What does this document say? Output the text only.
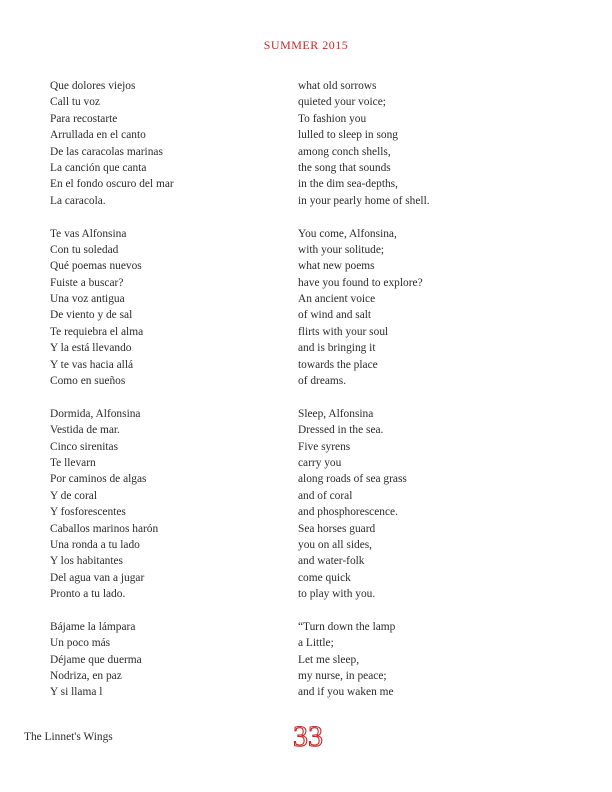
SUMMER 2015
Que dolores viejos
Call tu voz
Para recostarte
Arrullada en el canto
De las caracolas marinas
La canción que canta
En el fondo oscuro del mar
La caracola.
Te vas Alfonsina
Con tu soledad
Qué poemas nuevos
Fuiste a buscar?
Una voz antigua
De viento y de sal
Te requiebra el alma
Y la está llevando
Y te vas hacia allá
Como en sueños
Dormida, Alfonsina
Vestida de mar.
Cinco sirenitas
Te llevarn
Por caminos de algas
Y de coral
Y fosforescentes
Caballos marinos harón
Una ronda a tu lado
Y los habitantes
Del agua van a jugar
Pronto a tu lado.
Bájame la lámpara
Un poco más
Déjame que duerma
Nodriza, en paz
Y si llama l
what old sorrows
quieted your voice;
To fashion you
lulled to sleep in song
among conch shells,
the song that sounds
in the dim sea-depths,
in your pearly home of shell.
You come, Alfonsina,
with your solitude;
what new poems
have you found to explore?
An ancient voice
of wind and salt
flirts with your soul
and is bringing it
towards the place
of dreams.
Sleep, Alfonsina
Dressed in the sea.
Five syrens
carry you
along roads of sea grass
and of coral
and phosphorescence.
Sea horses guard
you on all sides,
and water-folk
come quick
to play with you.
“Turn down the lamp
a Little;
Let me sleep,
my nurse, in peace;
and if you waken me
The Linnet's Wings	33
